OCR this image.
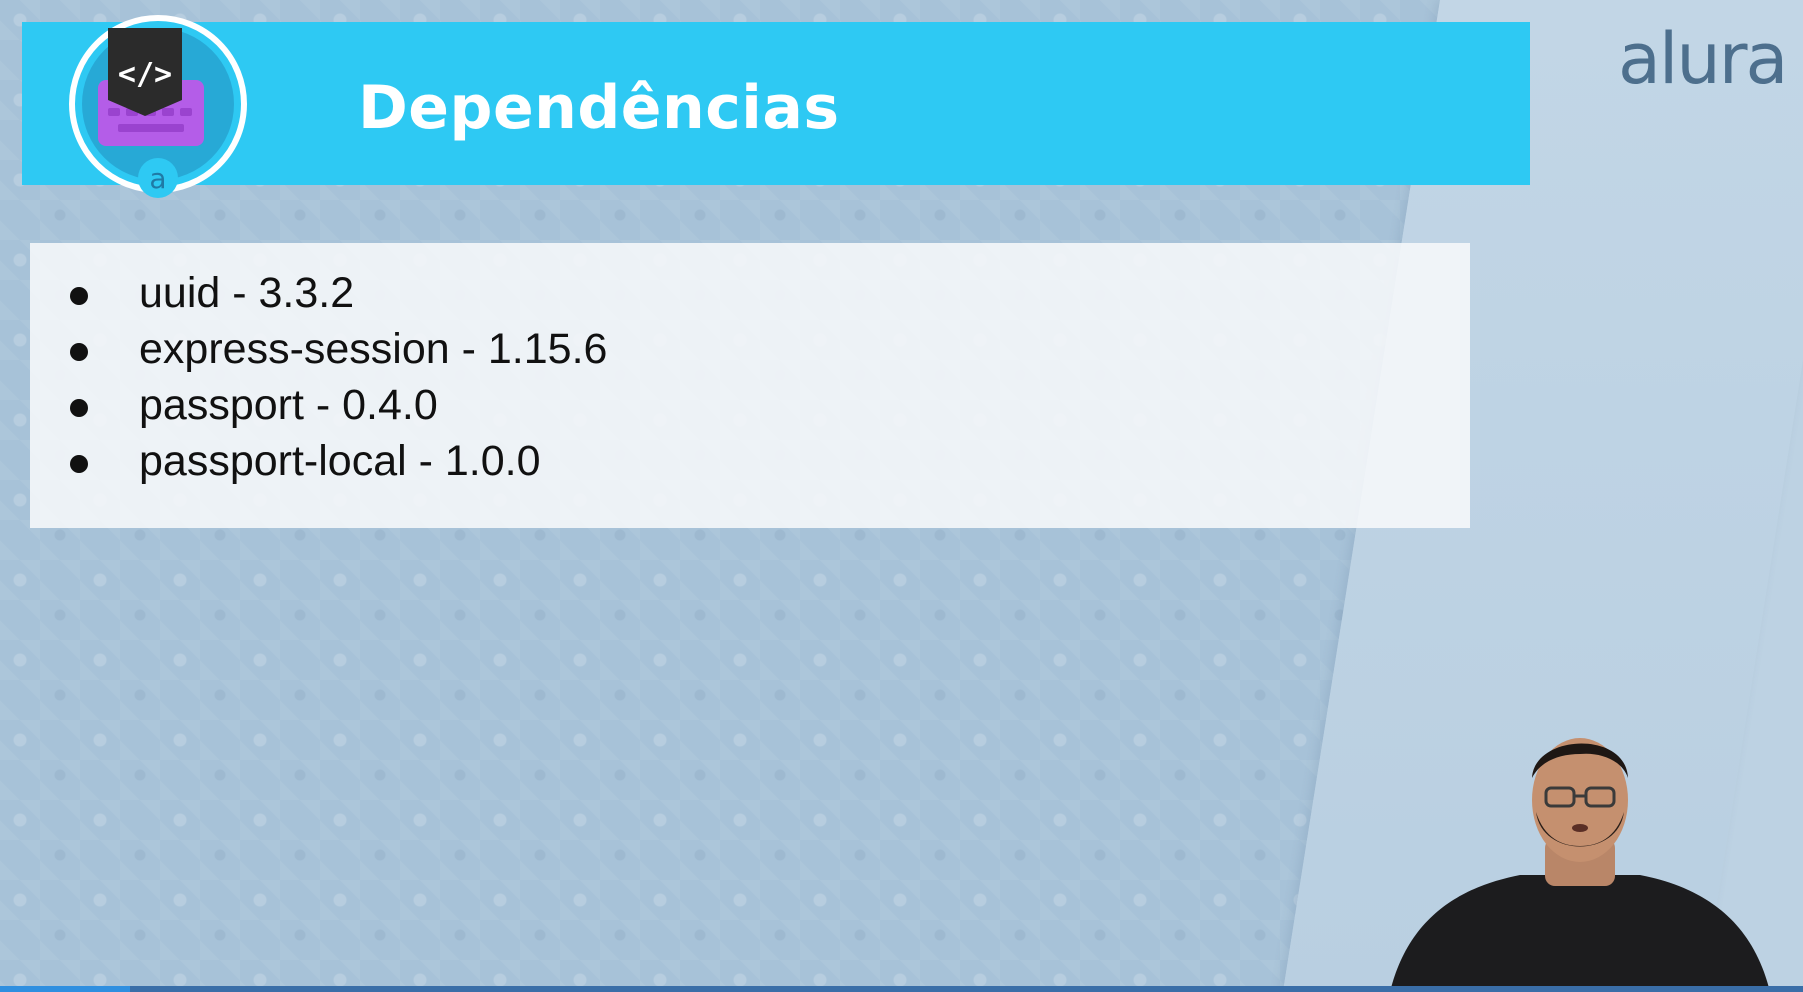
Dependências
</>
a
alura
uuid - 3.3.2
express-session - 1.15.6
passport - 0.4.0
passport-local - 1.0.0
